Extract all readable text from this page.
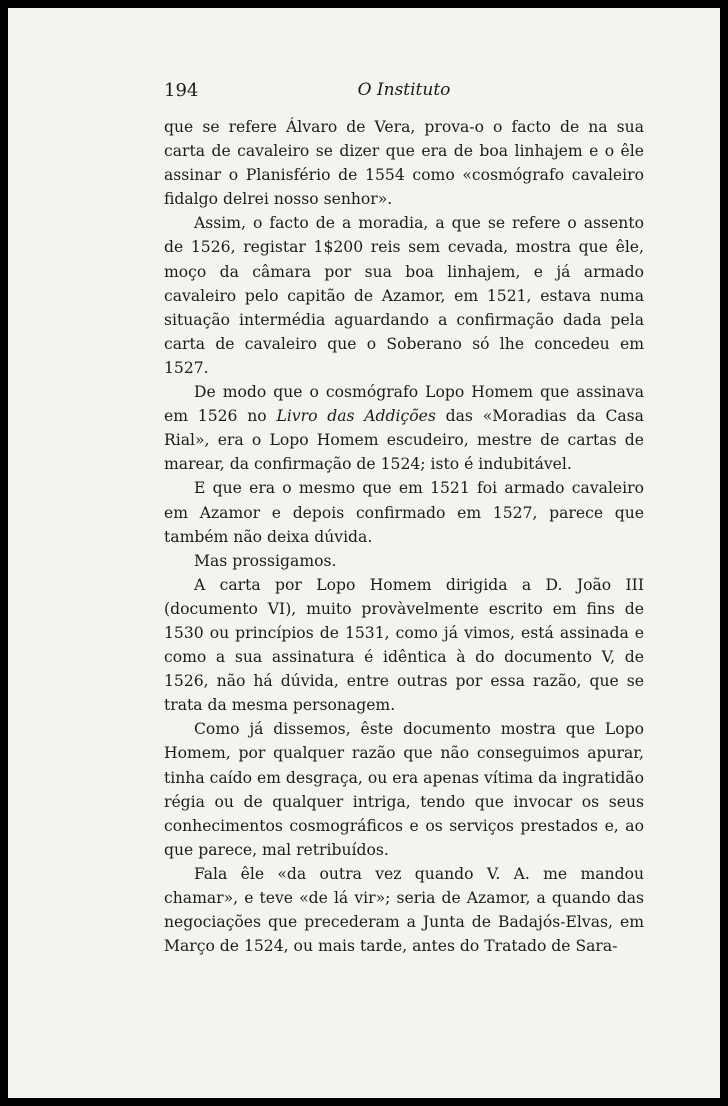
194	O Instituto

que se refere Álvaro de Vera, prova-o o facto de na sua carta de cavaleiro se dizer que era de boa linhajem e o êle assinar o Planisfério de 1554 como «cosmógrafo cavaleiro fidalgo delrei nosso senhor».

Assim, o facto de a moradia, a que se refere o assento de 1526, registar 1$200 reis sem cevada, mostra que êle, moço da câmara por sua boa linhajem, e já armado cavaleiro pelo capitão de Azamor, em 1521, estava numa situação intermédia aguardando a confirmação dada pela carta de cavaleiro que o Soberano só lhe concedeu em 1527.

De modo que o cosmógrafo Lopo Homem que assinava em 1526 no Livro das Addições das «Moradias da Casa Rial», era o Lopo Homem escudeiro, mestre de cartas de marear, da confirmação de 1524; isto é indubitável.

E que era o mesmo que em 1521 foi armado cavaleiro em Azamor e depois confirmado em 1527, parece que também não deixa dúvida.

Mas prossigamos.

A carta por Lopo Homem dirigida a D. João III (documento VI), muito provàvelmente escrito em fins de 1530 ou princípios de 1531, como já vimos, está assinada e como a sua assinatura é idêntica à do documento V, de 1526, não há dúvida, entre outras por essa razão, que se trata da mesma personagem.

Como já dissemos, êste documento mostra que Lopo Homem, por qualquer razão que não conseguimos apurar, tinha caído em desgraça, ou era apenas vítima da ingratidão régia ou de qualquer intriga, tendo que invocar os seus conhecimentos cosmográficos e os serviços prestados e, ao que parece, mal retribuídos.

Fala êle «da outra vez quando V. A. me mandou chamar», e teve «de lá vir»; seria de Azamor, a quando das negociações que precederam a Junta de Badajós-Elvas, em Março de 1524, ou mais tarde, antes do Tratado de Sara-
